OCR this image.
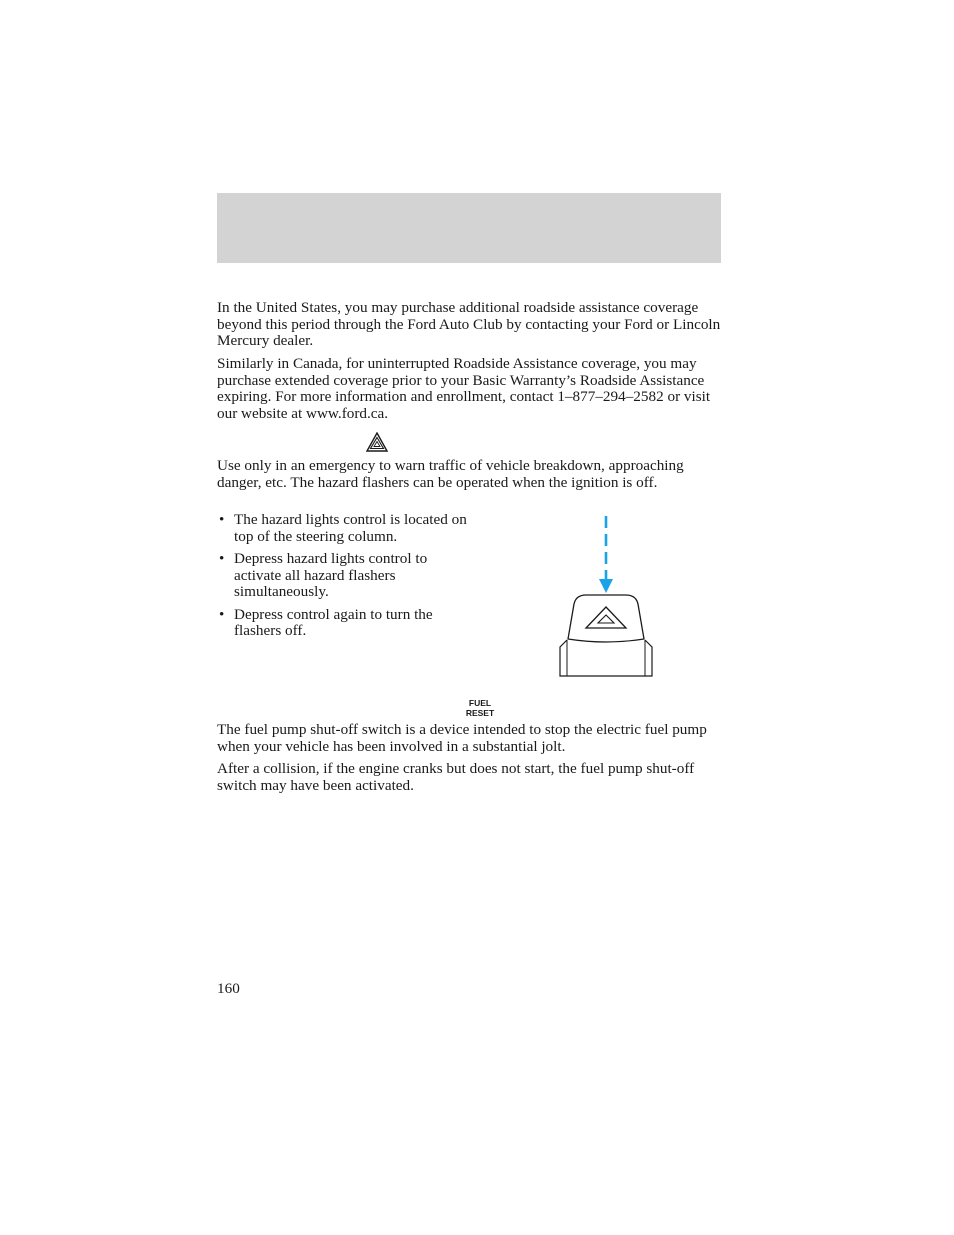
In the United States, you may purchase additional roadside assistance coverage beyond this period through the Ford Auto Club by contacting your Ford or Lincoln Mercury dealer.

Similarly in Canada, for uninterrupted Roadside Assistance coverage, you may purchase extended coverage prior to your Basic Warranty’s Roadside Assistance expiring. For more information and enrollment, contact 1–877–294–2582 or visit our website at www.ford.ca.

Use only in an emergency to warn traffic of vehicle breakdown, approaching danger, etc. The hazard flashers can be operated when the ignition is off.

• The hazard lights control is located on top of the steering column.
• Depress hazard lights control to activate all hazard flashers simultaneously.
• Depress control again to turn the flashers off.
FUEL
RESET

The fuel pump shut-off switch is a device intended to stop the electric fuel pump when your vehicle has been involved in a substantial jolt.

After a collision, if the engine cranks but does not start, the fuel pump shut-off switch may have been activated.

160
